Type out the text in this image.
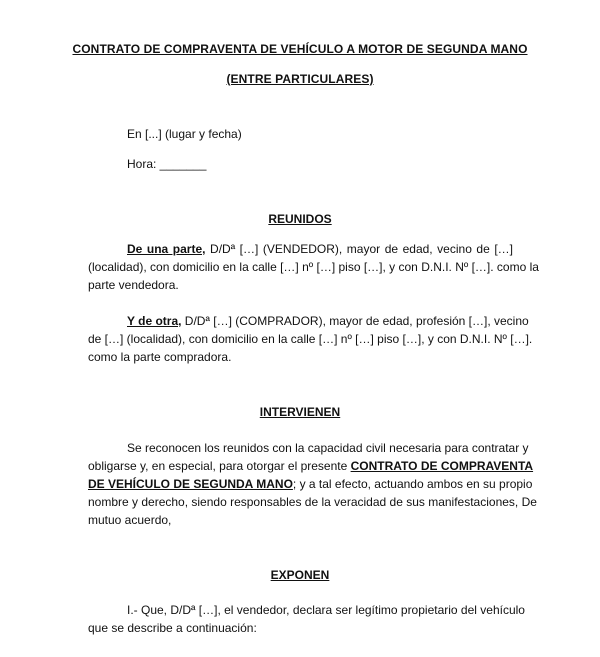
CONTRATO DE COMPRAVENTA DE VEHÍCULO A MOTOR DE SEGUNDA MANO
(ENTRE PARTICULARES)
En [...] (lugar y fecha)
Hora: _______
REUNIDOS
De una parte, D/Dª […] (VENDEDOR), mayor de edad, vecino de […]
(localidad), con domicilio en la calle […] nº […] piso […], y con D.N.I. Nº […]. como la
parte vendedora.
Y de otra, D/Dª […] (COMPRADOR), mayor de edad, profesión […], vecino
de […] (localidad), con domicilio en la calle […] nº […] piso […], y con D.N.I. Nº […].
como la parte compradora.
INTERVIENEN
Se reconocen los reunidos con la capacidad civil necesaria para contratar y
obligarse y, en especial, para otorgar el presente CONTRATO DE COMPRAVENTA
DE VEHÍCULO DE SEGUNDA MANO; y a tal efecto, actuando ambos en su propio
nombre y derecho, siendo responsables de la veracidad de sus manifestaciones, De
mutuo acuerdo,
EXPONEN
I.- Que, D/Dª […], el vendedor, declara ser legítimo propietario del vehículo
que se describe a continuación:
